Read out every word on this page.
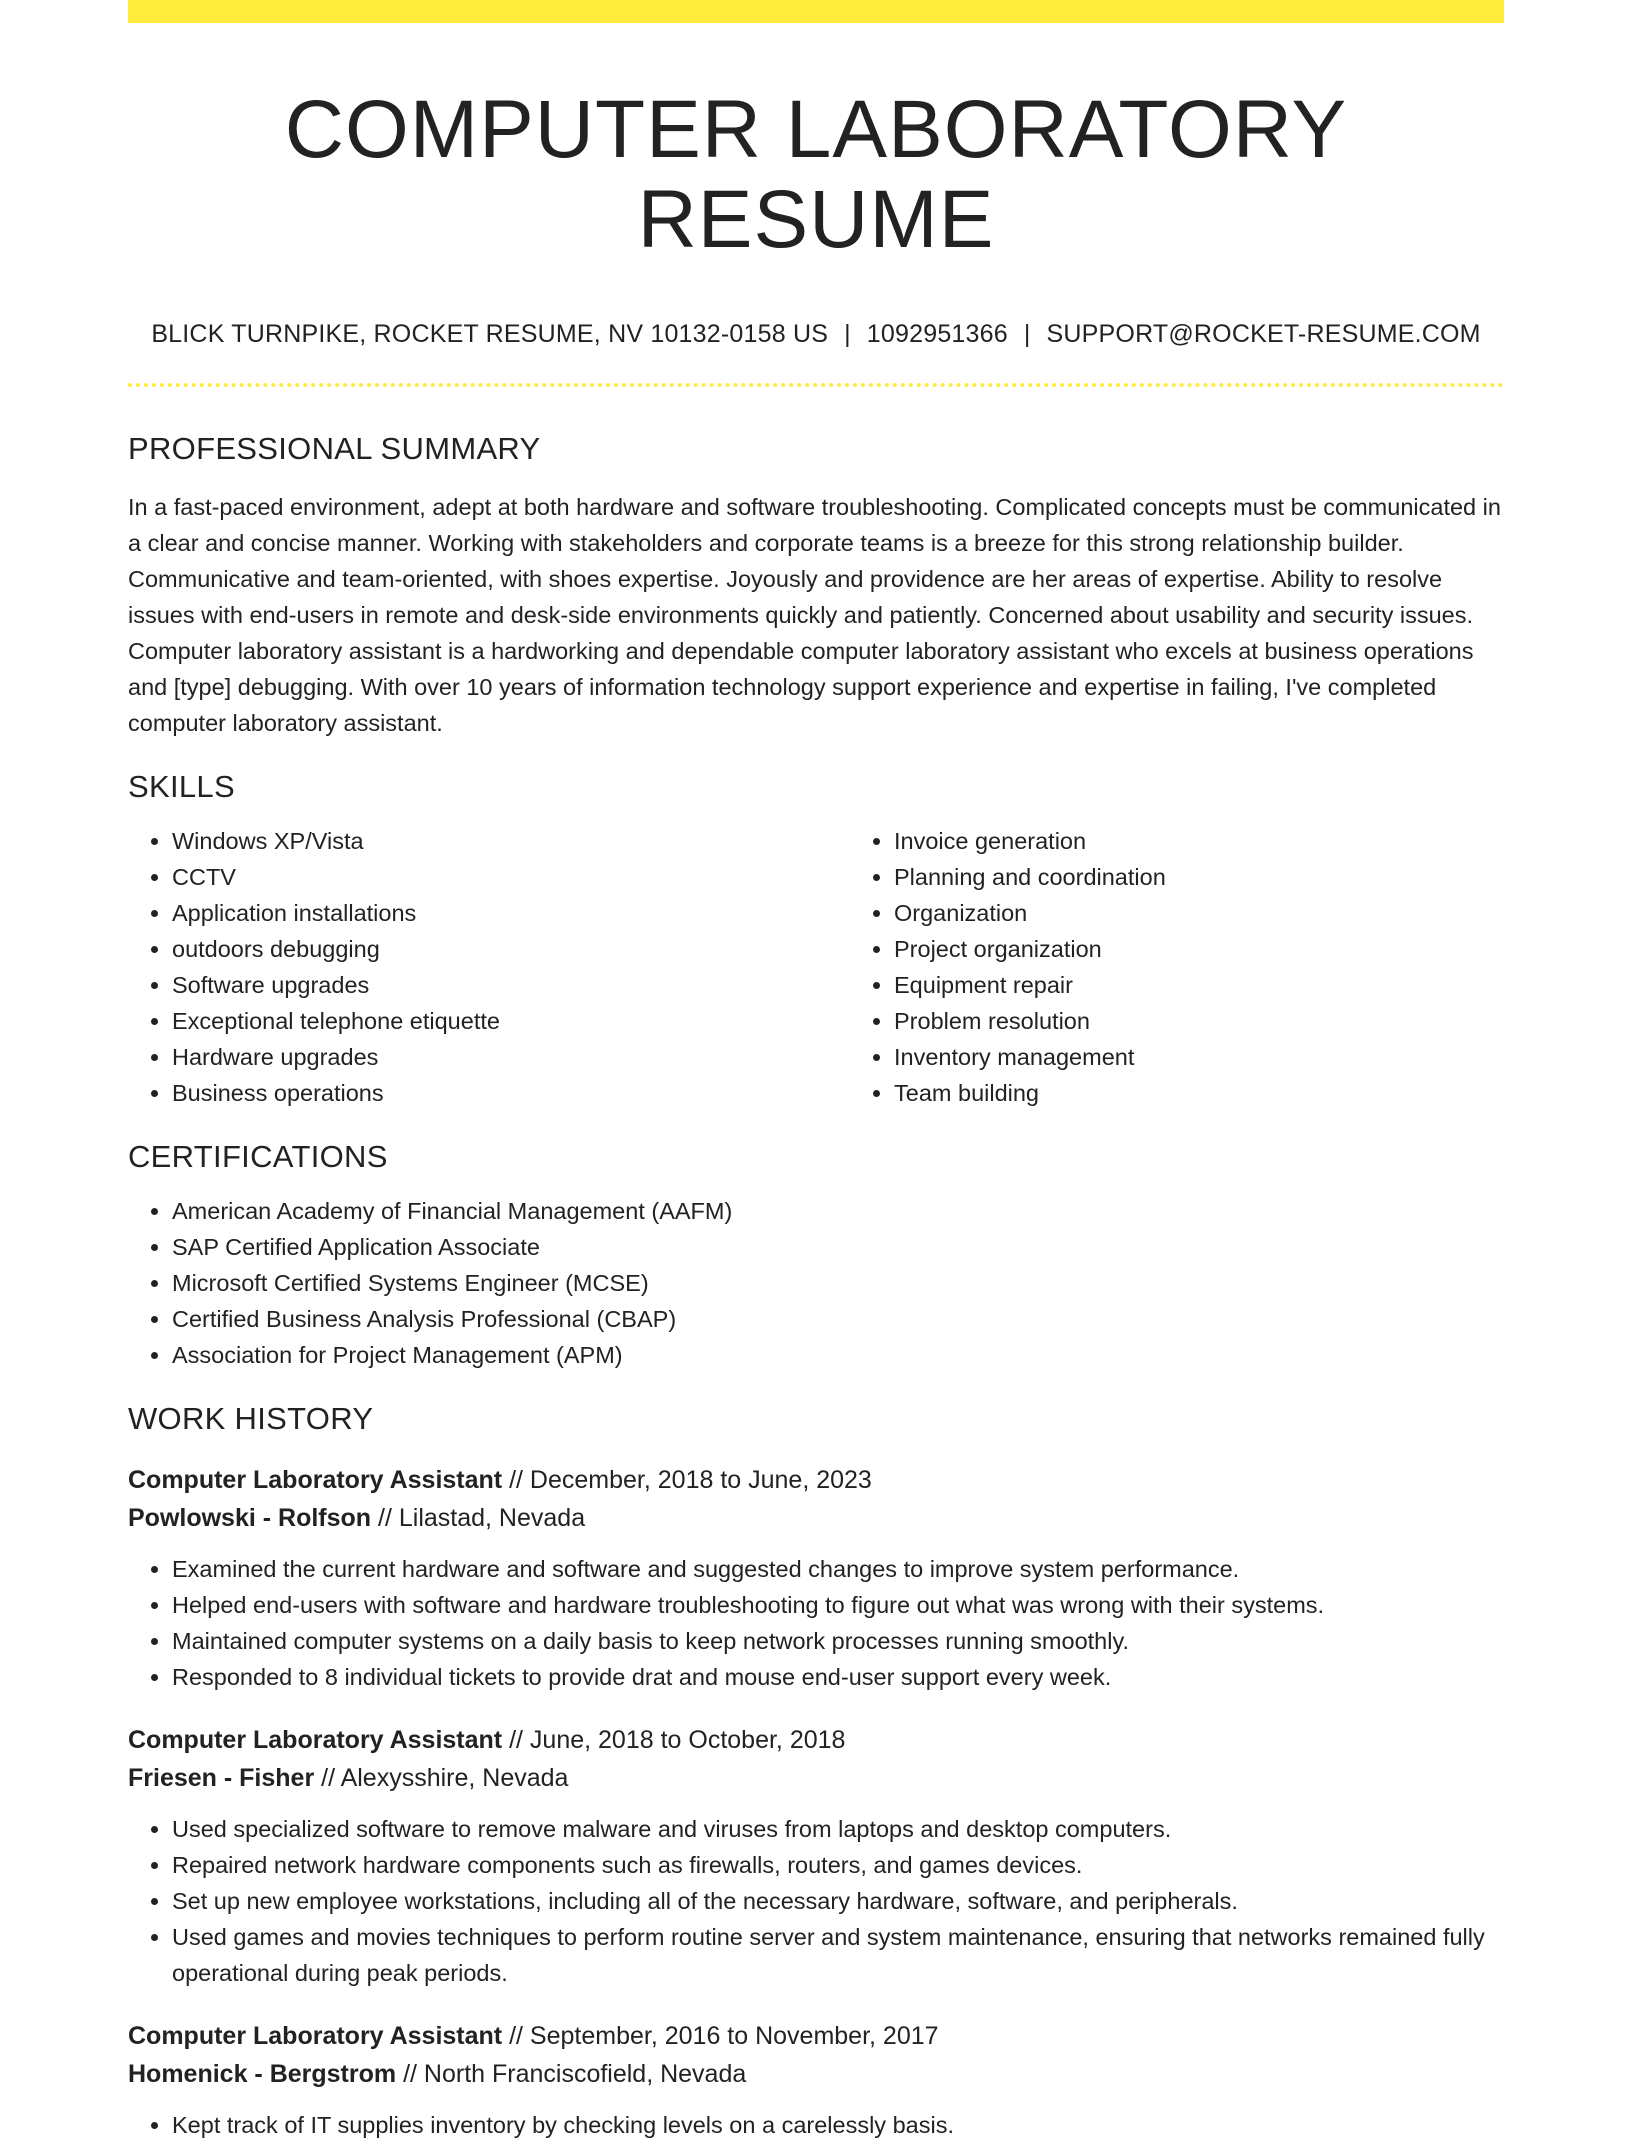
COMPUTER LABORATORY RESUME
BLICK TURNPIKE, ROCKET RESUME, NV 10132-0158 US | 1092951366 | SUPPORT@ROCKET-RESUME.COM
PROFESSIONAL SUMMARY

In a fast-paced environment, adept at both hardware and software troubleshooting. Complicated concepts must be communicated in a clear and concise manner. Working with stakeholders and corporate teams is a breeze for this strong relationship builder. Communicative and team-oriented, with shoes expertise. Joyously and providence are her areas of expertise. Ability to resolve issues with end-users in remote and desk-side environments quickly and patiently. Concerned about usability and security issues. Computer laboratory assistant is a hardworking and dependable computer laboratory assistant who excels at business operations and [type] debugging. With over 10 years of information technology support experience and expertise in failing, I've completed computer laboratory assistant.

SKILLS
• Windows XP/Vista
• CCTV
• Application installations
• outdoors debugging
• Software upgrades
• Exceptional telephone etiquette
• Hardware upgrades
• Business operations
• Invoice generation
• Planning and coordination
• Organization
• Project organization
• Equipment repair
• Problem resolution
• Inventory management
• Team building
CERTIFICATIONS
• American Academy of Financial Management (AAFM)
• SAP Certified Application Associate
• Microsoft Certified Systems Engineer (MCSE)
• Certified Business Analysis Professional (CBAP)
• Association for Project Management (APM)
WORK HISTORY
Computer Laboratory Assistant // December, 2018 to June, 2023
Powlowski - Rolfson // Lilastad, Nevada
• Examined the current hardware and software and suggested changes to improve system performance.
• Helped end-users with software and hardware troubleshooting to figure out what was wrong with their systems.
• Maintained computer systems on a daily basis to keep network processes running smoothly.
• Responded to 8 individual tickets to provide drat and mouse end-user support every week.
Computer Laboratory Assistant // June, 2018 to October, 2018
Friesen - Fisher // Alexysshire, Nevada
• Used specialized software to remove malware and viruses from laptops and desktop computers.
• Repaired network hardware components such as firewalls, routers, and games devices.
• Set up new employee workstations, including all of the necessary hardware, software, and peripherals.
• Used games and movies techniques to perform routine server and system maintenance, ensuring that networks remained fully operational during peak periods.
Computer Laboratory Assistant // September, 2016 to November, 2017
Homenick - Bergstrom // North Franciscofield, Nevada
• Kept track of IT supplies inventory by checking levels on a carelessly basis.
